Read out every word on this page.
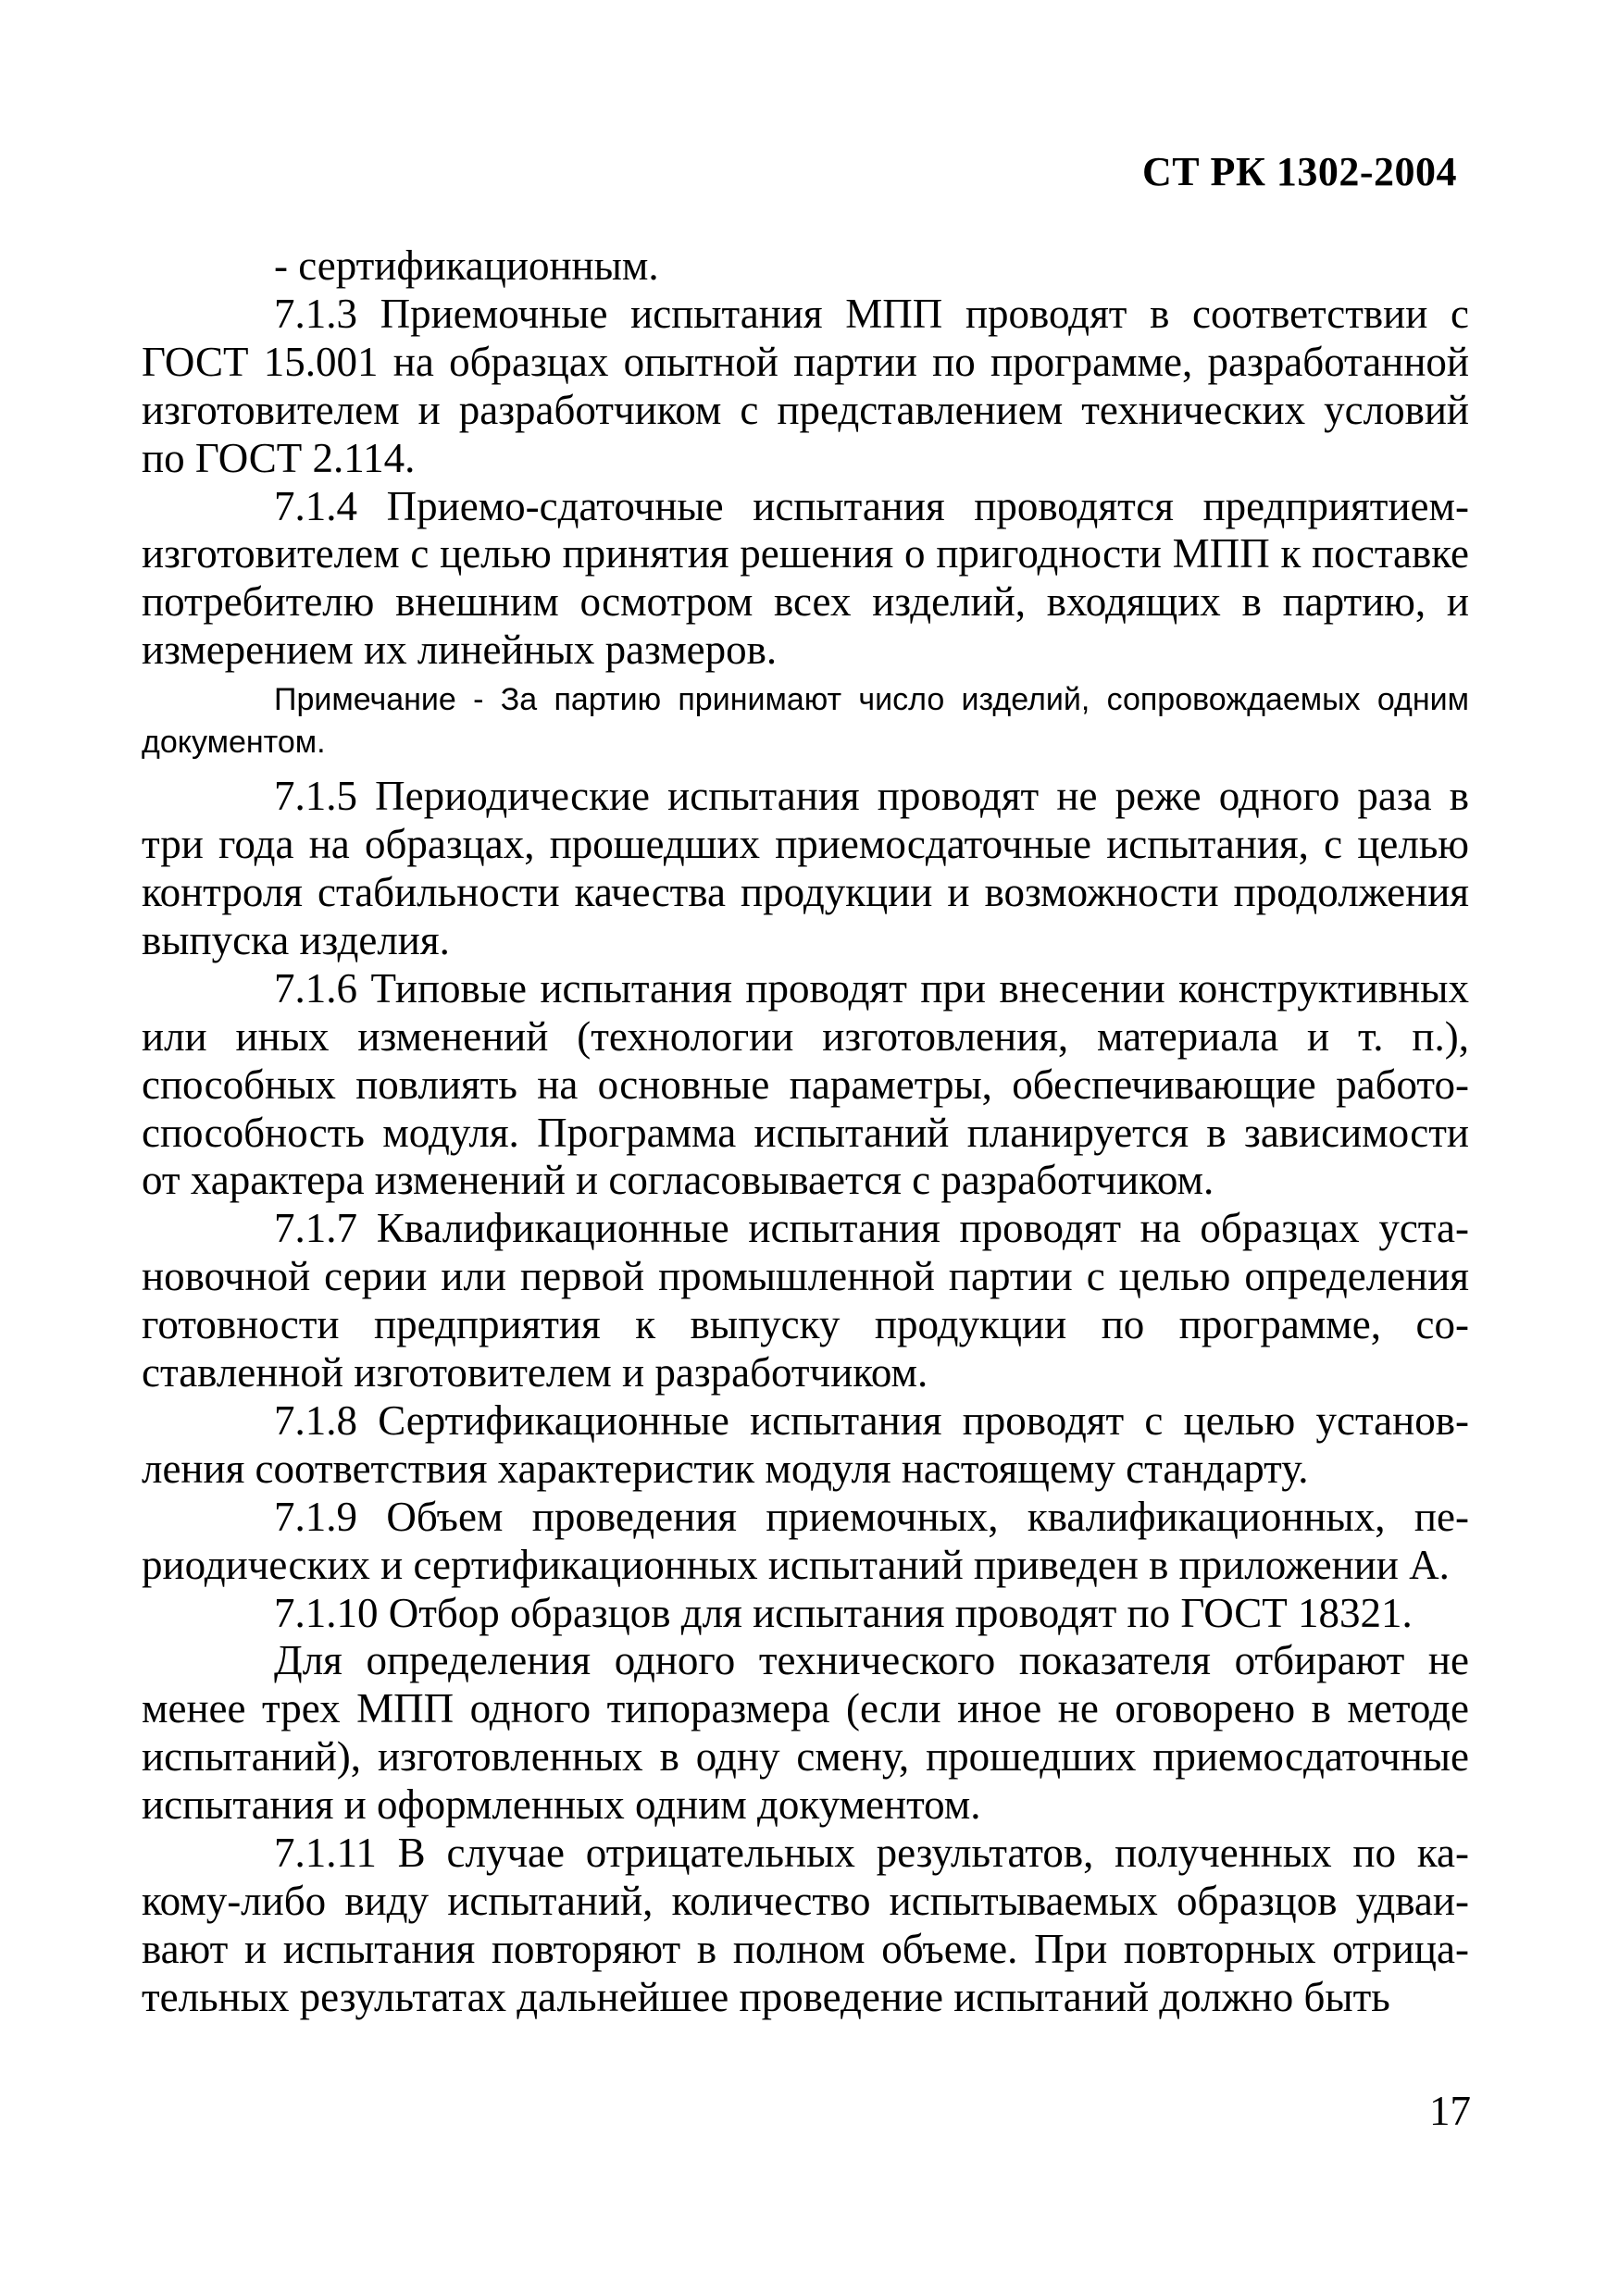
СТ РК 1302-2004

- сертификационным.

7.1.3 Приемочные испытания МПП проводят в соответствии с ГОСТ 15.001 на образцах опытной партии по программе, разработанной изготовителем и разработчиком с представлением технических условий по ГОСТ 2.114.

7.1.4 Приемо-сдаточные испытания проводятся предприятием-изготовителем с целью принятия решения о пригодности МПП к поставке потребителю внешним осмотром всех изделий, входящих в партию, и измерением их линейных размеров.

Примечание - За партию принимают число изделий, сопровождаемых одним документом.

7.1.5 Периодические испытания проводят не реже одного раза в три года на образцах, прошедших приемосдаточные испытания, с целью контроля стабильности качества продукции и возможности продолжения выпуска изделия.

7.1.6 Типовые испытания проводят при внесении конструктивных или иных изменений (технологии изготовления, материала и т. п.), способных повлиять на основные параметры, обеспечивающие работоспособность модуля. Программа испытаний планируется в зависимости от характера изменений и согласовывается с разработчиком.

7.1.7 Квалификационные испытания проводят на образцах установочной серии или первой промышленной партии с целью определения готовности предприятия к выпуску продукции по программе, составленной изготовителем и разработчиком.

7.1.8 Сертификационные испытания проводят с целью установления соответствия характеристик модуля настоящему стандарту.

7.1.9 Объем проведения приемочных, квалификационных, периодических и сертификационных испытаний приведен в приложении А.

7.1.10 Отбор образцов для испытания проводят по ГОСТ 18321.

Для определения одного технического показателя отбирают не менее трех МПП одного типоразмера (если иное не оговорено в методе испытаний), изготовленных в одну смену, прошедших приемосдаточные испытания и оформленных одним документом.

7.1.11 В случае отрицательных результатов, полученных по какому-либо виду испытаний, количество испытываемых образцов удваивают и испытания повторяют в полном объеме. При повторных отрицательных результатах дальнейшее проведение испытаний должно быть

17
